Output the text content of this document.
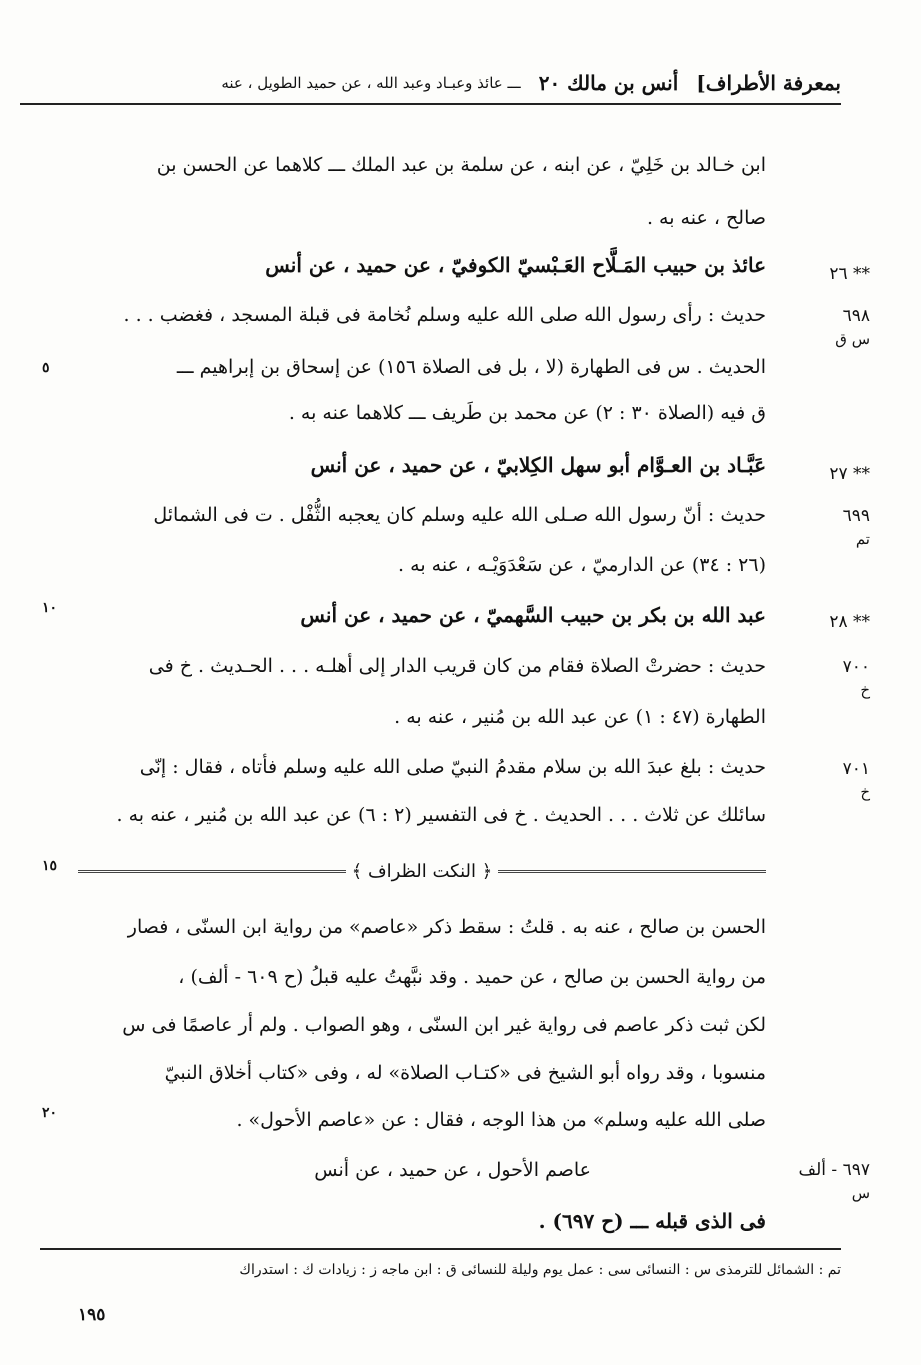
بمعرفة الأطراف]
أنس بن مالك ٢٠
ـــ عائذ وعبـاد وعبد الله ، عن حميد الطويل ، عنه
ابن خـالد بن خَلِيّ ، عن ابنه ، عن سلمة بن عبد الملك ـــ كلاهما عن الحسن بن
صالح ، عنه به .
عائذ بن حبيب المَـلَّاح العَـبْسيّ الكوفيّ ، عن حميد ، عن أنس
حديث : رأى رسول الله صلى الله عليه وسلم نُخامة فى قبلة المسجد ، فغضب . . .
الحديث . س فى الطهارة (لا ، بل فى الصلاة ١٥٦) عن إسحاق بن إبراهيم ـــ
ق فيه (الصلاة ٣٠ : ٢) عن محمد بن طَريف ـــ كلاهما عنه به .
عَبَّـاد بن العـوَّام أبو سهل الكِلابيّ ، عن حميد ، عن أنس
حديث : أنّ رسول الله صـلى الله عليه وسلم كان يعجبه الثُّفْل . ت فى الشمائل
(٢٦ : ٣٤) عن الدارميّ ، عن سَعْدَوَيْـه ، عنه به .
عبد الله بن بكر بن حبيب السَّهميّ ، عن حميد ، عن أنس
حديث : حضرتْ الصلاة فقام من كان قريب الدار إلى أهلـه . . . الحـديث . خ فى
الطهارة (٤٧ : ١) عن عبد الله بن مُنير ، عنه به .
حديث : بلغ عبدَ الله بن سلام مقدمُ النبيّ صلى الله عليه وسلم فأتاه ، فقال : إنّى
سائلك عن ثلاث . . . الحديث . خ فى التفسير (٢ : ٦) عن عبد الله بن مُنير ، عنه به .
** ٢٦
٦٩٨
س ق
** ٢٧
٦٩٩
تم
** ٢٨
٧٠٠
خ
٧٠١
خ
٦٩٧ - ألف
س
٥
١٠
١٥
٢٠
﴿ النكت الظراف ﴾
الحسن بن صالح ، عنه به . قلتُ : سقط ذكر «عاصم» من رواية ابن السنّى ، فصار
من رواية الحسن بن صالح ، عن حميد . وقد نبَّهتُ عليه قبلُ (ح ٦٠٩ - ألف) ،
لكن ثبت ذكر عاصم فى رواية غير ابن السنّى ، وهو الصواب . ولم أر عاصمًا فى س
منسوبا ، وقد رواه أبو الشيخ فى «كتـاب الصلاة» له ، وفى «كتاب أخلاق النبيّ
صلى الله عليه وسلم» من هذا الوجه ، فقال : عن «عاصم الأحول» .
عاصم الأحول ، عن حميد ، عن أنس
فى الذى قبله ـــ (ح ٦٩٧) .
تم : الشمائل للترمذى س : النسائى سى : عمل يوم وليلة للنسائى ق : ابن ماجه ز : زيادات ك : استدراك
١٩٥
